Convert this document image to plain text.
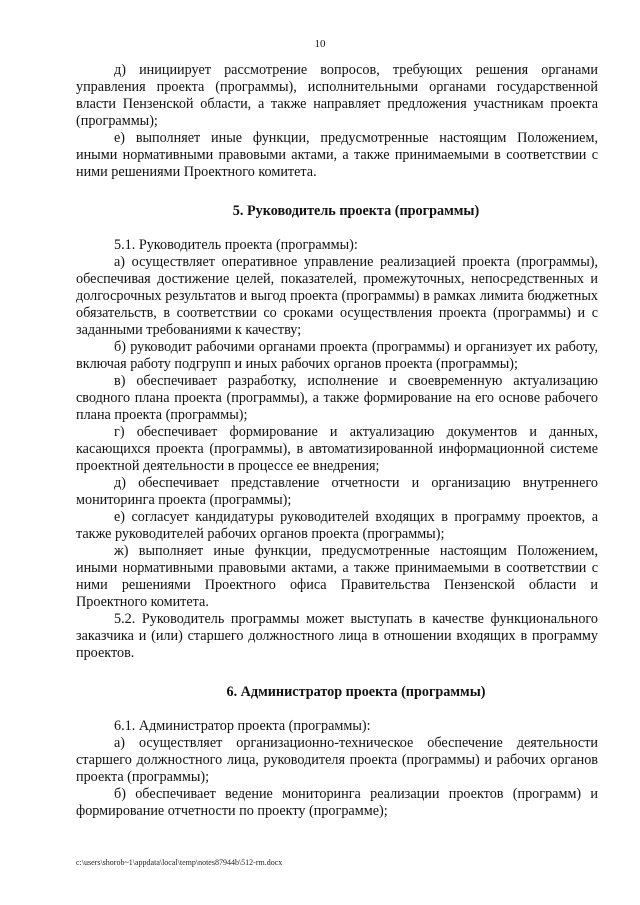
10

д) инициирует рассмотрение вопросов, требующих решения органами управления проекта (программы), исполнительными органами государственной власти Пензенской области, а также направляет предложения участникам проекта (программы);

е) выполняет иные функции, предусмотренные настоящим Положением, иными нормативными правовыми актами, а также принимаемыми в соответствии с ними решениями Проектного комитета.

5. Руководитель проекта (программы)

5.1. Руководитель проекта (программы):

а) осуществляет оперативное управление реализацией проекта (программы), обеспечивая достижение целей, показателей, промежуточных, непосредственных и долгосрочных результатов и выгод проекта (программы) в рамках лимита бюджетных обязательств, в соответствии со сроками осуществления проекта (программы) и с заданными требованиями к качеству;

б) руководит рабочими органами проекта (программы) и организует их работу, включая работу подгрупп и иных рабочих органов проекта (программы);

в) обеспечивает разработку, исполнение и своевременную актуализацию сводного плана проекта (программы), а также формирование на его основе рабочего плана проекта (программы);

г) обеспечивает формирование и актуализацию документов и данных, касающихся проекта (программы), в автоматизированной информационной системе проектной деятельности в процессе ее внедрения;

д) обеспечивает представление отчетности и организацию внутреннего мониторинга проекта (программы);

е) согласует кандидатуры руководителей входящих в программу проектов, а также руководителей рабочих органов проекта (программы);

ж) выполняет иные функции, предусмотренные настоящим Положением, иными нормативными правовыми актами, а также принимаемыми в соответствии с ними решениями Проектного офиса Правительства Пензенской области и Проектного комитета.

5.2. Руководитель программы может выступать в качестве функционального заказчика и (или) старшего должностного лица в отношении входящих в программу проектов.

6. Администратор проекта (программы)

6.1. Администратор проекта (программы):

а) осуществляет организационно-техническое обеспечение деятельности старшего должностного лица, руководителя проекта (программы) и рабочих органов проекта (программы);

б) обеспечивает ведение мониторинга реализации проектов (программ) и формирование отчетности по проекту (программе);

c:\users\shorob~1\appdata\local\temp\notes87944b\512-rm.docx
